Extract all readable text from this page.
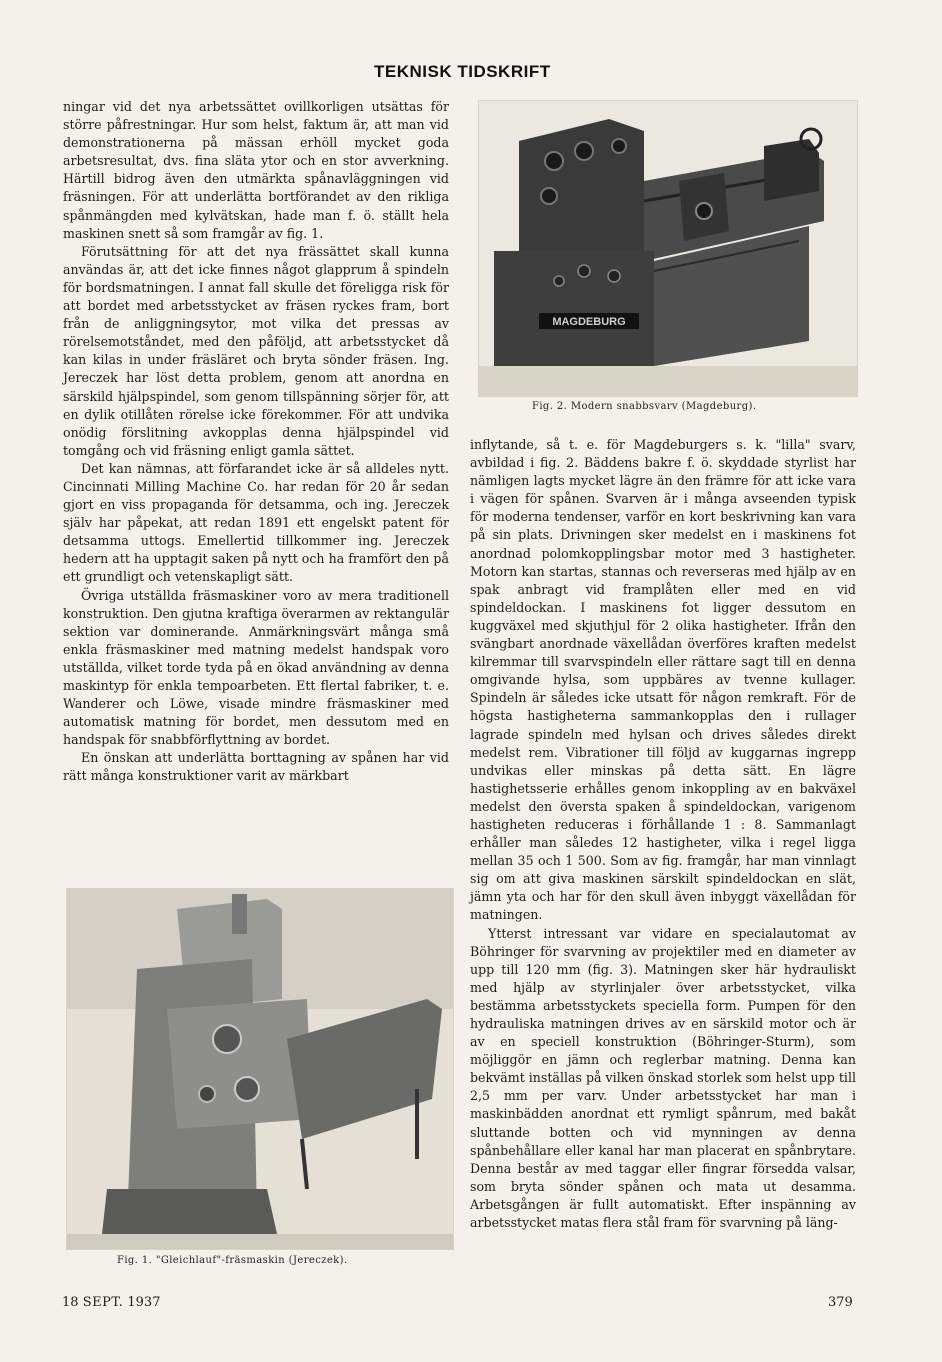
TEKNISK TIDSKRIFT

ningar vid det nya arbetssättet ovillkorligen utsättas för större påfrestningar. Hur som helst, faktum är, att man vid demonstrationerna på mässan erhöll mycket goda arbetsresultat, dvs. fina släta ytor och en stor avverkning. Härtill bidrog även den utmärkta spånavläggningen vid fräsningen. För att underlätta bortförandet av den rikliga spånmängden med kylvätskan, hade man f. ö. ställt hela maskinen snett så som framgår av fig. 1.

Förutsättning för att det nya frässättet skall kunna användas är, att det icke finnes något glapprum å spindeln för bordsmatningen. I annat fall skulle det föreligga risk för att bordet med arbetsstycket av fräsen ryckes fram, bort från de anliggningsytor, mot vilka det pressas av rörelsemotståndet, med den påföljd, att arbetsstycket då kan kilas in under fräsläret och bryta sönder fräsen. Ing. Jereczek har löst detta problem, genom att anordna en särskild hjälpspindel, som genom tillspänning sörjer för, att en dylik otillåten rörelse icke förekommer. För att undvika onödig förslitning avkopplas denna hjälpspindel vid tomgång och vid fräsning enligt gamla sättet.

Det kan nämnas, att förfarandet icke är så alldeles nytt. Cincinnati Milling Machine Co. har redan för 20 år sedan gjort en viss propaganda för detsamma, och ing. Jereczek själv har påpekat, att redan 1891 ett engelskt patent för detsamma uttogs. Emellertid tillkommer ing. Jereczek hedern att ha upptagit saken på nytt och ha framfört den på ett grundligt och vetenskapligt sätt.

Övriga utställda fräsmaskiner voro av mera traditionell konstruktion. Den gjutna kraftiga överarmen av rektangulär sektion var dominerande. Anmärkningsvärt många små enkla fräsmaskiner med matning medelst handspak voro utställda, vilket torde tyda på en ökad användning av denna maskintyp för enkla tempoarbeten. Ett flertal fabriker, t. e. Wanderer och Löwe, visade mindre fräsmaskiner med automatisk matning för bordet, men dessutom med en handspak för snabbförflyttning av bordet.

En önskan att underlätta borttagning av spånen har vid rätt många konstruktioner varit av märkbart

MAGDEBURG
Fig. 2. Modern snabbsvarv (Magdeburg).
Fig. 1. "Gleichlauf"-fräsmaskin (Jereczek).

inflytande, så t. e. för Magdeburgers s. k. "lilla" svarv, avbildad i fig. 2. Bäddens bakre f. ö. skyddade styrlist har nämligen lagts mycket lägre än den främre för att icke vara i vägen för spånen. Svarven är i många avseenden typisk för moderna tendenser, varför en kort beskrivning kan vara på sin plats. Drivningen sker medelst en i maskinens fot anordnad polomkopplingsbar motor med 3 hastigheter. Motorn kan startas, stannas och reverseras med hjälp av en spak anbragt vid framplåten eller med en vid spindeldockan. I maskinens fot ligger dessutom en kuggväxel med skjuthjul för 2 olika hastigheter. Ifrån den svängbart anordnade växellådan överföres kraften medelst kilremmar till svarvspindeln eller rättare sagt till en denna omgivande hylsa, som uppbäres av tvenne kullager. Spindeln är således icke utsatt för någon remkraft. För de högsta hastigheterna sammankopplas den i rullager lagrade spindeln med hylsan och drives således direkt medelst rem. Vibrationer till följd av kuggarnas ingrepp undvikas eller minskas på detta sätt. En lägre hastighetsserie erhålles genom inkoppling av en bakväxel medelst den översta spaken å spindeldockan, varigenom hastigheten reduceras i förhållande 1 : 8. Sammanlagt erhåller man således 12 hastigheter, vilka i regel ligga mellan 35 och 1 500. Som av fig. framgår, har man vinnlagt sig om att giva maskinen särskilt spindeldockan en slät, jämn yta och har för den skull även inbyggt växellådan för matningen.

Ytterst intressant var vidare en specialautomat av Böhringer för svarvning av projektiler med en diameter av upp till 120 mm (fig. 3). Matningen sker här hydrauliskt med hjälp av styrlinjaler över arbetsstycket, vilka bestämma arbetsstyckets speciella form. Pumpen för den hydrauliska matningen drives av en särskild motor och är av en speciell konstruktion (Böhringer-Sturm), som möjliggör en jämn och reglerbar matning. Denna kan bekvämt inställas på vilken önskad storlek som helst upp till 2,5 mm per varv. Under arbetsstycket har man i maskinbädden anordnat ett rymligt spånrum, med bakåt sluttande botten och vid mynningen av denna spånbehållare eller kanal har man placerat en spånbrytare. Denna består av med taggar eller fingrar försedda valsar, som bryta sönder spånen och mata ut desamma. Arbetsgången är fullt automatiskt. Efter inspänning av arbetsstycket matas flera stål fram för svarvning på läng-

18 SEPT. 1937	379
